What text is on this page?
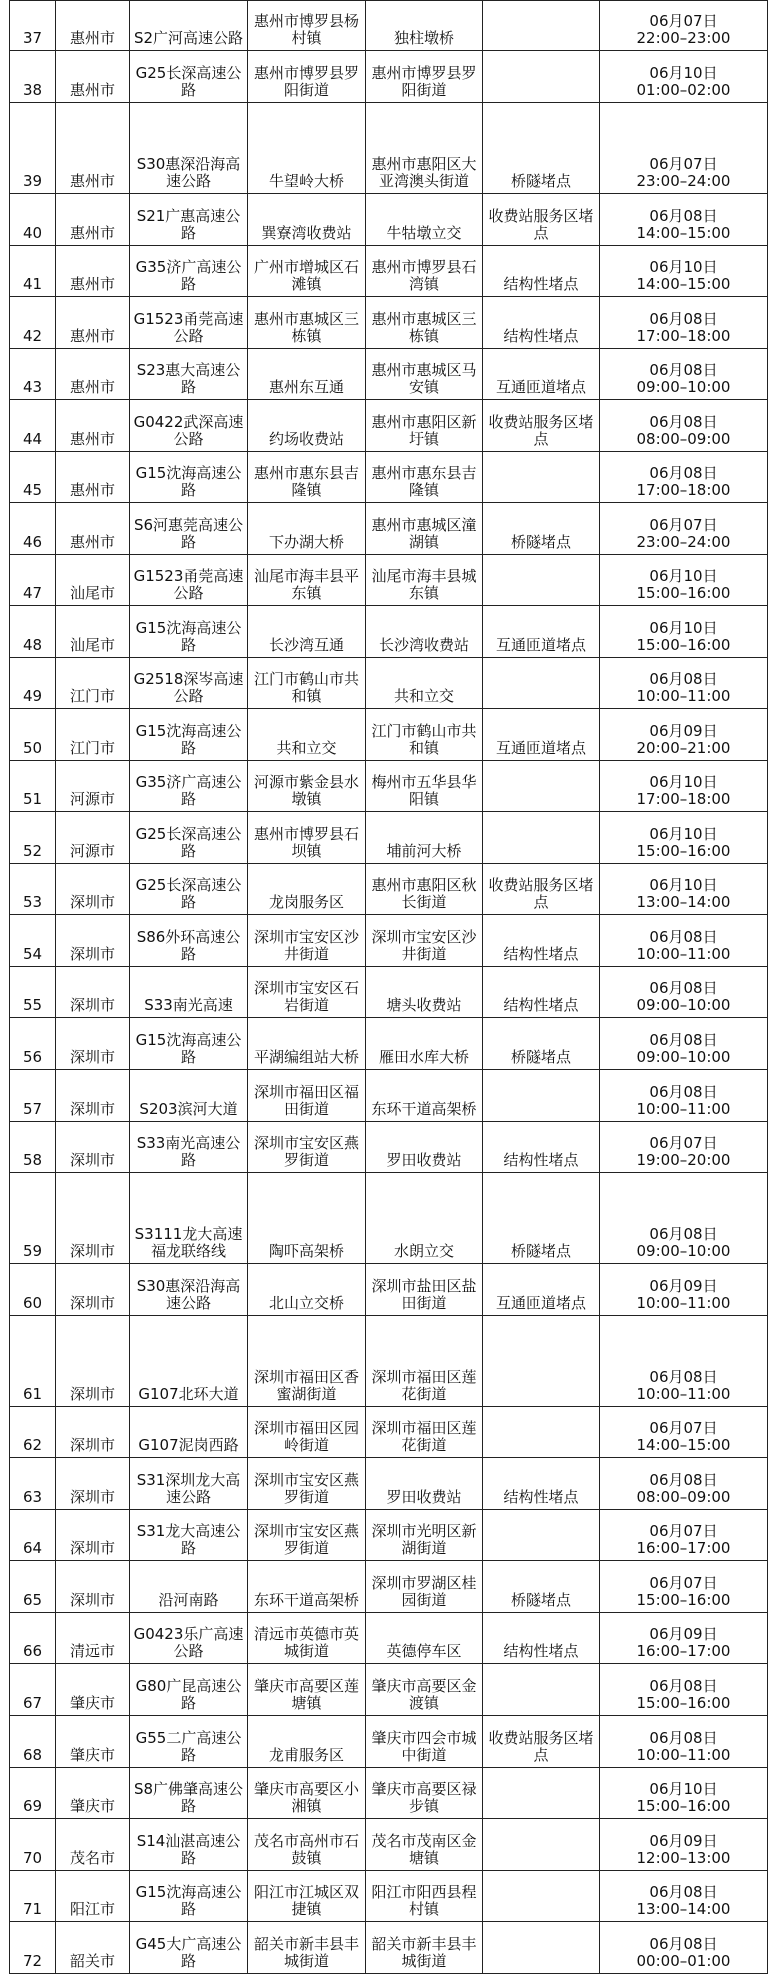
37	惠州市	S2广河高速公路	惠州市博罗县杨村镇	独柱墩桥		06月07日
22:00–23:00
38	惠州市	G25长深高速公路	惠州市博罗县罗阳街道	惠州市博罗县罗阳街道		06月10日
01:00–02:00
39	惠州市	S30惠深沿海高速公路	牛望岭大桥	惠州市惠阳区大亚湾澳头街道	桥隧堵点	06月07日
23:00–24:00
40	惠州市	S21广惠高速公路	巽寮湾收费站	牛牯墩立交	收费站服务区堵点	06月08日
14:00–15:00
41	惠州市	G35济广高速公路	广州市增城区石滩镇	惠州市博罗县石湾镇	结构性堵点	06月10日
14:00–15:00
42	惠州市	G1523甬莞高速公路	惠州市惠城区三栋镇	惠州市惠城区三栋镇	结构性堵点	06月08日
17:00–18:00
43	惠州市	S23惠大高速公路	惠州东互通	惠州市惠城区马安镇	互通匝道堵点	06月08日
09:00–10:00
44	惠州市	G0422武深高速公路	约场收费站	惠州市惠阳区新圩镇	收费站服务区堵点	06月08日
08:00–09:00
45	惠州市	G15沈海高速公路	惠州市惠东县吉隆镇	惠州市惠东县吉隆镇		06月08日
17:00–18:00
46	惠州市	S6河惠莞高速公路	下办湖大桥	惠州市惠城区潼湖镇	桥隧堵点	06月07日
23:00–24:00
47	汕尾市	G1523甬莞高速公路	汕尾市海丰县平东镇	汕尾市海丰县城东镇		06月10日
15:00–16:00
48	汕尾市	G15沈海高速公路	长沙湾互通	长沙湾收费站	互通匝道堵点	06月10日
15:00–16:00
49	江门市	G2518深岑高速公路	江门市鹤山市共和镇	共和立交		06月08日
10:00–11:00
50	江门市	G15沈海高速公路	共和立交	江门市鹤山市共和镇	互通匝道堵点	06月09日
20:00–21:00
51	河源市	G35济广高速公路	河源市紫金县水墩镇	梅州市五华县华阳镇		06月10日
17:00–18:00
52	河源市	G25长深高速公路	惠州市博罗县石坝镇	埔前河大桥		06月10日
15:00–16:00
53	深圳市	G25长深高速公路	龙岗服务区	惠州市惠阳区秋长街道	收费站服务区堵点	06月10日
13:00–14:00
54	深圳市	S86外环高速公路	深圳市宝安区沙井街道	深圳市宝安区沙井街道	结构性堵点	06月08日
10:00–11:00
55	深圳市	S33南光高速	深圳市宝安区石岩街道	塘头收费站	结构性堵点	06月08日
09:00–10:00
56	深圳市	G15沈海高速公路	平湖编组站大桥	雁田水库大桥	桥隧堵点	06月08日
09:00–10:00
57	深圳市	S203滨河大道	深圳市福田区福田街道	东环干道高架桥		06月08日
10:00–11:00
58	深圳市	S33南光高速公路	深圳市宝安区燕罗街道	罗田收费站	结构性堵点	06月07日
19:00–20:00
59	深圳市	S3111龙大高速福龙联络线	陶吓高架桥	水朗立交	桥隧堵点	06月08日
09:00–10:00
60	深圳市	S30惠深沿海高速公路	北山立交桥	深圳市盐田区盐田街道	互通匝道堵点	06月09日
10:00–11:00
61	深圳市	G107北环大道	深圳市福田区香蜜湖街道	深圳市福田区莲花街道		06月08日
10:00–11:00
62	深圳市	G107泥岗西路	深圳市福田区园岭街道	深圳市福田区莲花街道		06月07日
14:00–15:00
63	深圳市	S31深圳龙大高速公路	深圳市宝安区燕罗街道	罗田收费站	结构性堵点	06月08日
08:00–09:00
64	深圳市	S31龙大高速公路	深圳市宝安区燕罗街道	深圳市光明区新湖街道		06月07日
16:00–17:00
65	深圳市	沿河南路	东环干道高架桥	深圳市罗湖区桂园街道	桥隧堵点	06月07日
15:00–16:00
66	清远市	G0423乐广高速公路	清远市英德市英城街道	英德停车区	结构性堵点	06月09日
16:00–17:00
67	肇庆市	G80广昆高速公路	肇庆市高要区莲塘镇	肇庆市高要区金渡镇		06月08日
15:00–16:00
68	肇庆市	G55二广高速公路	龙甫服务区	肇庆市四会市城中街道	收费站服务区堵点	06月08日
10:00–11:00
69	肇庆市	S8广佛肇高速公路	肇庆市高要区小湘镇	肇庆市高要区禄步镇		06月10日
15:00–16:00
70	茂名市	S14汕湛高速公路	茂名市高州市石鼓镇	茂名市茂南区金塘镇		06月09日
12:00–13:00
71	阳江市	G15沈海高速公路	阳江市江城区双捷镇	阳江市阳西县程村镇		06月08日
13:00–14:00
72	韶关市	G45大广高速公路	韶关市新丰县丰城街道	韶关市新丰县丰城街道		06月08日
00:00–01:00
